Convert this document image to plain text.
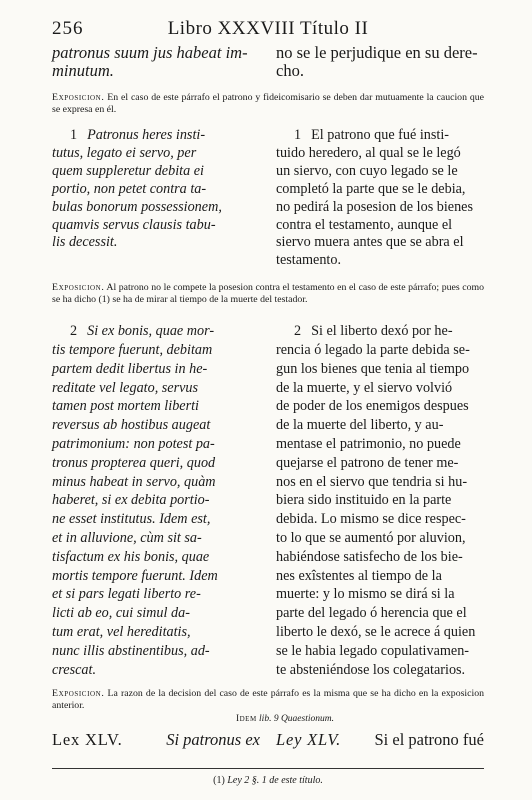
256	Libro XXXVIII Título II

patronus suum jus habeat im-

minutum.

no se le perjudique en su dere-

cho.

Exposicion. En el caso de este párrafo el patrono y fideicomisario se deben dar mutuamente la caucion que se expresa en él.

1 Patronus heres insti-

tutus, legato ei servo, per

quem suppleretur debita ei

portio, non petet contra ta-

bulas bonorum possessionem,

quamvis servus clausis tabu-

lis decessit.

1 El patrono que fué insti-

tuido heredero, al qual se le legó

un siervo, con cuyo legado se le

completó la parte que se le debia,

no pedirá la posesion de los bienes

contra el testamento, aunque el

siervo muera antes que se abra el

testamento.

Exposicion. Al patrono no le compete la posesion contra el testamento en el caso de este párrafo; pues como se ha dicho (1) se ha de mirar al tiempo de la muerte del testador.

2 Si ex bonis, quae mor-

tis tempore fuerunt, debitam

partem dedit libertus in he-

reditate vel legato, servus

tamen post mortem liberti

reversus ab hostibus augeat

patrimonium: non potest pa-

tronus propterea queri, quod

minus habeat in servo, quàm

haberet, si ex debita portio-

ne esset institutus. Idem est,

et in alluvione, cùm sit sa-

tisfactum ex his bonis, quae

mortis tempore fuerunt. Idem

et si pars legati liberto re-

licti ab eo, cui simul da-

tum erat, vel hereditatis,

nunc illis abstinentibus, ad-

crescat.

2 Si el liberto dexó por he-

rencia ó legado la parte debida se-

gun los bienes que tenia al tiempo

de la muerte, y el siervo volvió

de poder de los enemigos despues

de la muerte del liberto, y au-

mentase el patrimonio, no puede

quejarse el patrono de tener me-

nos en el siervo que tendria si hu-

biera sido instituido en la parte

debida. Lo mismo se dice respec-

to lo que se aumentó por aluvion,

habiéndose satisfecho de los bie-

nes exîstentes al tiempo de la

muerte: y lo mismo se dirá si la

parte del legado ó herencia que el

liberto le dexó, se le acrece á quien

se le habia legado copulativamen-

te absteniéndose los colegatarios.

Exposicion. La razon de la decision del caso de este párrafo es la misma que se ha dicho en la exposicion anterior.

Idem lib. 9 Quaestionum.
Lex XLV.	Si patronus ex Ley XLV. Si el patrono fué
(1) Ley 2 §. 1 de este título.
